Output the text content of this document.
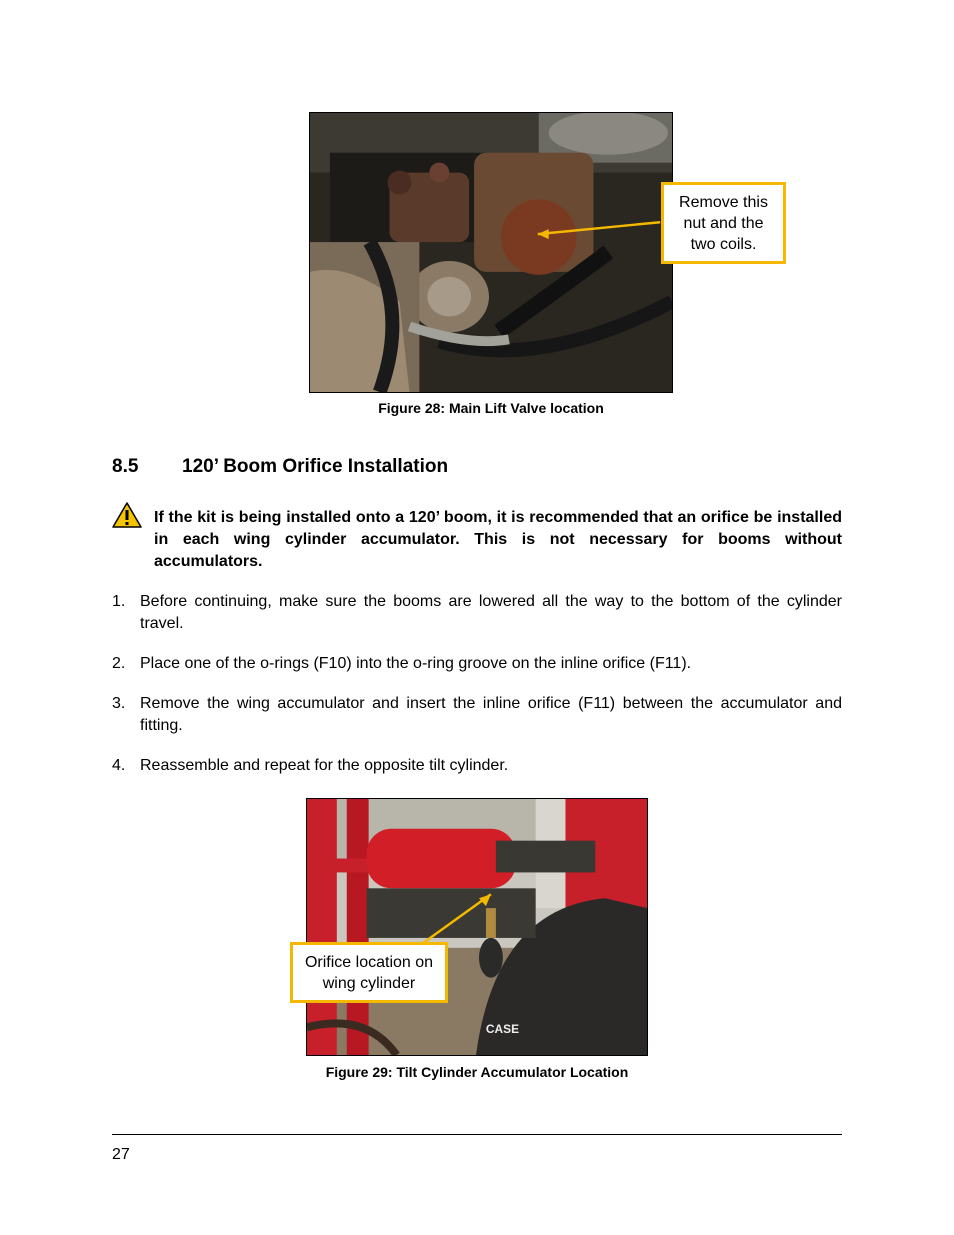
Remove this nut and the two coils.
Figure 28: Main Lift Valve location
8.5 120’ Boom Orifice Installation
If the kit is being installed onto a 120’ boom, it is recommended that an orifice be installed in each wing cylinder accumulator. This is not necessary for booms without accumulators.
1. Before continuing, make sure the booms are lowered all the way to the bottom of the cylinder travel.
2. Place one of the o-rings (F10) into the o-ring groove on the inline orifice (F11).
3. Remove the wing accumulator and insert the inline orifice (F11) between the accumulator and fitting.
4. Reassemble and repeat for the opposite tilt cylinder.
CASE
Orifice location on wing cylinder
Figure 29: Tilt Cylinder Accumulator Location
27
